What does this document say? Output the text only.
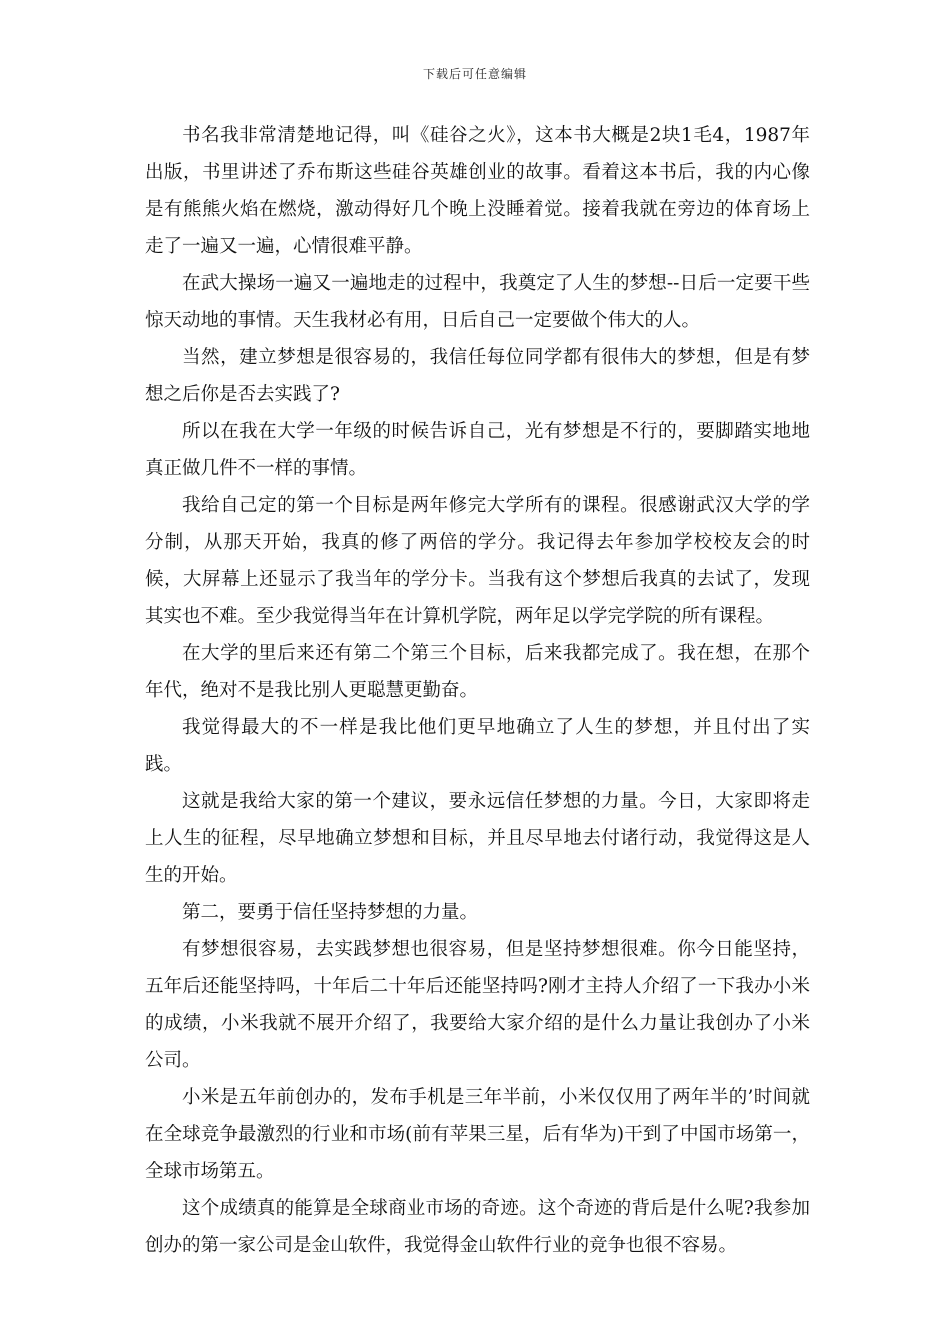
下载后可任意编辑

书名我非常清楚地记得，叫《硅谷之火》，这本书大概是2块1毛4，1987年出版，书里讲述了乔布斯这些硅谷英雄创业的故事。看着这本书后，我的内心像是有熊熊火焰在燃烧，激动得好几个晚上没睡着觉。接着我就在旁边的体育场上走了一遍又一遍，心情很难平静。

在武大操场一遍又一遍地走的过程中，我奠定了人生的梦想--日后一定要干些惊天动地的事情。天生我材必有用，日后自己一定要做个伟大的人。

当然，建立梦想是很容易的，我信任每位同学都有很伟大的梦想，但是有梦想之后你是否去实践了?

所以在我在大学一年级的时候告诉自己，光有梦想是不行的，要脚踏实地地真正做几件不一样的事情。

我给自己定的第一个目标是两年修完大学所有的课程。很感谢武汉大学的学分制，从那天开始，我真的修了两倍的学分。我记得去年参加学校校友会的时候，大屏幕上还显示了我当年的学分卡。当我有这个梦想后我真的去试了，发现其实也不难。至少我觉得当年在计算机学院，两年足以学完学院的所有课程。

在大学的里后来还有第二个第三个目标，后来我都完成了。我在想，在那个年代，绝对不是我比别人更聪慧更勤奋。

我觉得最大的不一样是我比他们更早地确立了人生的梦想，并且付出了实践。

这就是我给大家的第一个建议，要永远信任梦想的力量。今日，大家即将走上人生的征程，尽早地确立梦想和目标，并且尽早地去付诸行动，我觉得这是人生的开始。

第二，要勇于信任坚持梦想的力量。

有梦想很容易，去实践梦想也很容易，但是坚持梦想很难。你今日能坚持，五年后还能坚持吗，十年后二十年后还能坚持吗?刚才主持人介绍了一下我办小米的成绩，小米我就不展开介绍了，我要给大家介绍的是什么力量让我创办了小米公司。

小米是五年前创办的，发布手机是三年半前，小米仅仅用了两年半的’时间就在全球竞争最激烈的行业和市场(前有苹果三星，后有华为)干到了中国市场第一，全球市场第五。

这个成绩真的能算是全球商业市场的奇迹。这个奇迹的背后是什么呢?我参加创办的第一家公司是金山软件，我觉得金山软件行业的竞争也很不容易。
